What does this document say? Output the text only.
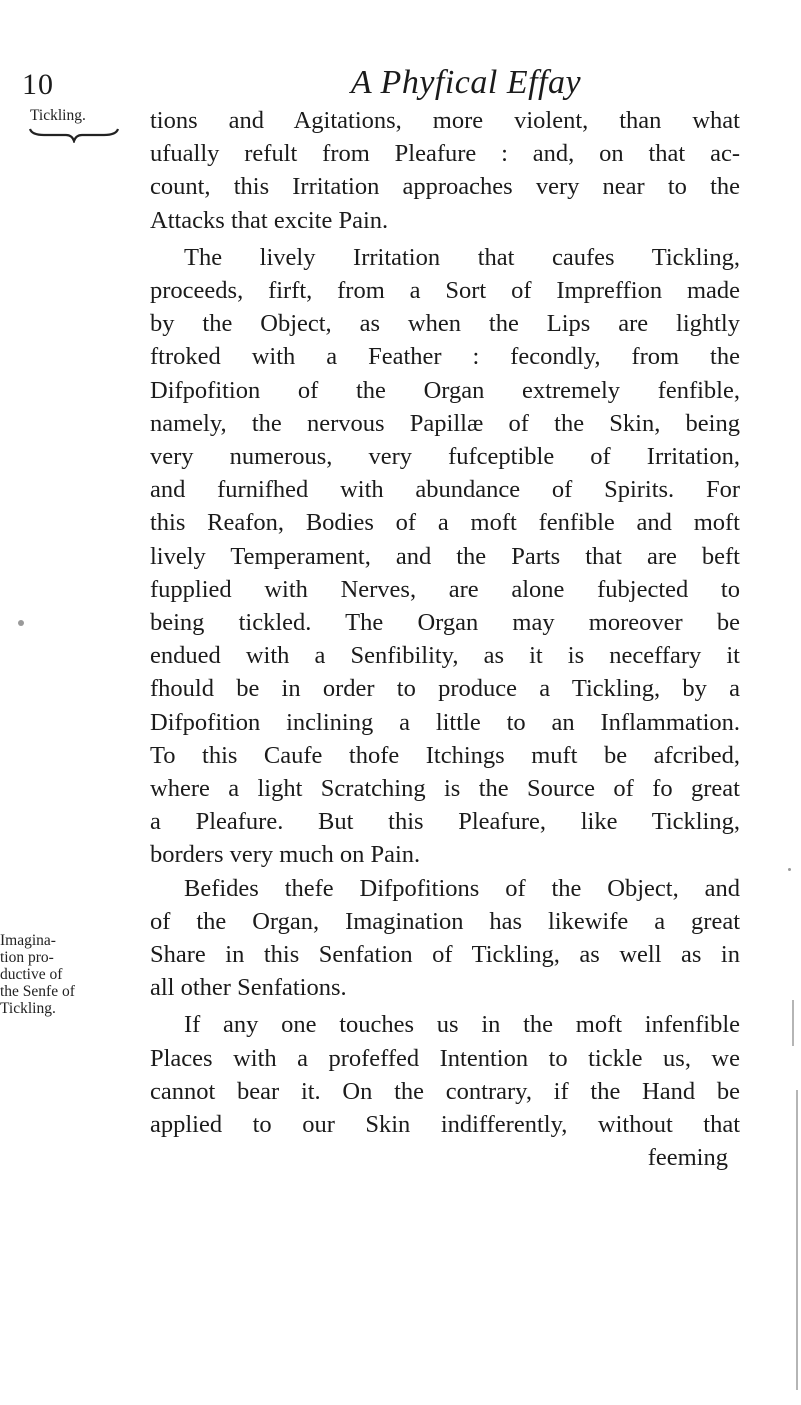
10	A Phyfical Effay
Tickling.
Imagina-
tion pro-
ductive of
the Senfe of
Tickling.
tions and Agitations, more violent, than what
ufually refult from Pleafure : and, on that ac-
count, this Irritation approaches very near to the
Attacks that excite Pain.
The lively Irritation that caufes Tickling,
proceeds, firft, from a Sort of Impreffion made
by the Object, as when the Lips are lightly
ftroked with a Feather : fecondly, from the
Difpofition of the Organ extremely fenfible,
namely, the nervous Papillæ of the Skin, being
very numerous, very fufceptible of Irritation,
and furnifhed with abundance of Spirits. For
this Reafon, Bodies of a moft fenfible and moft
lively Temperament, and the Parts that are beft
fupplied with Nerves, are alone fubjected to
being tickled. The Organ may moreover be
endued with a Senfibility, as it is neceffary it
fhould be in order to produce a Tickling, by a
Difpofition inclining a little to an Inflammation.
To this Caufe thofe Itchings muft be afcribed,
where a light Scratching is the Source of fo great
a Pleafure. But this Pleafure, like Tickling,
borders very much on Pain.
Befides thefe Difpofitions of the Object, and
of the Organ, Imagination has likewife a great
Share in this Senfation of Tickling, as well as in
all other Senfations.
If any one touches us in the moft infenfible
Places with a profeffed Intention to tickle us, we
cannot bear it. On the contrary, if the Hand be
applied to our Skin indifferently, without that
feeming
